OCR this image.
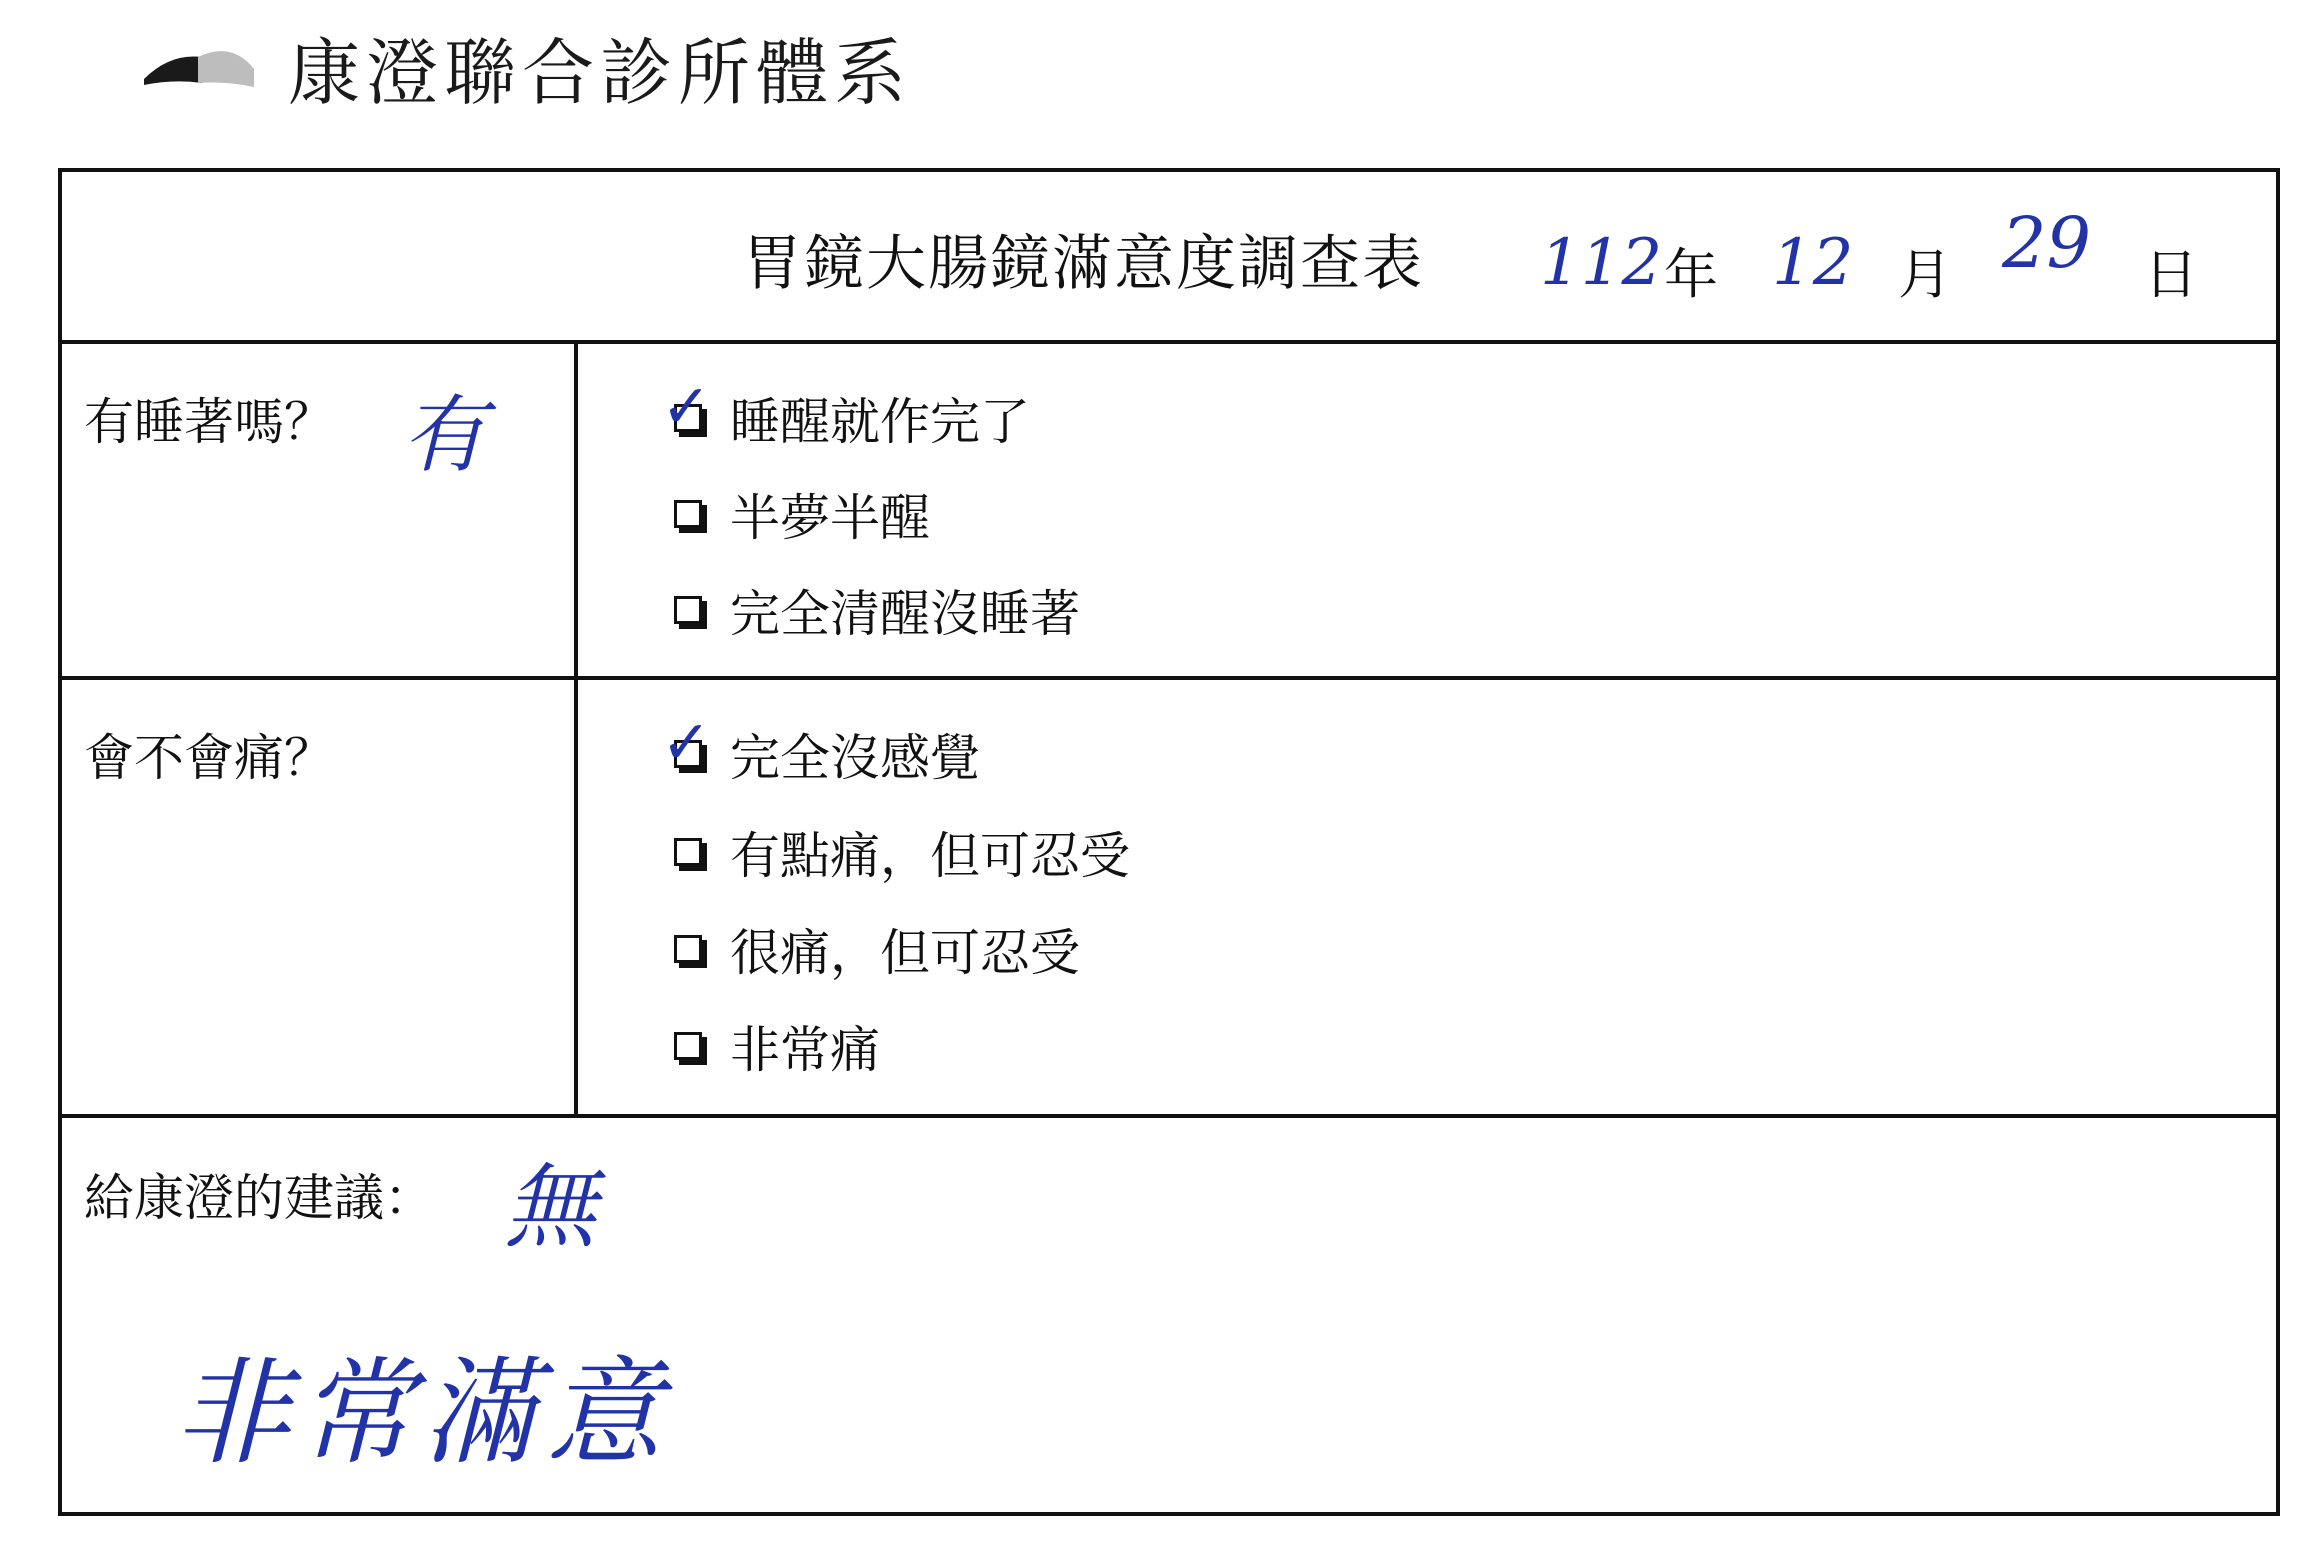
康澄聯合診所體系
胃鏡大腸鏡滿意度調查表 112 年 12 月 29 日
有睡著嗎？ 有	✓ 睡醒就作完了
半夢半醒
完全清醒沒睡著
會不會痛？	✓ 完全沒感覺
有點痛，但可忍受
很痛，但可忍受
非常痛
給康澄的建議： 無
非常滿意
